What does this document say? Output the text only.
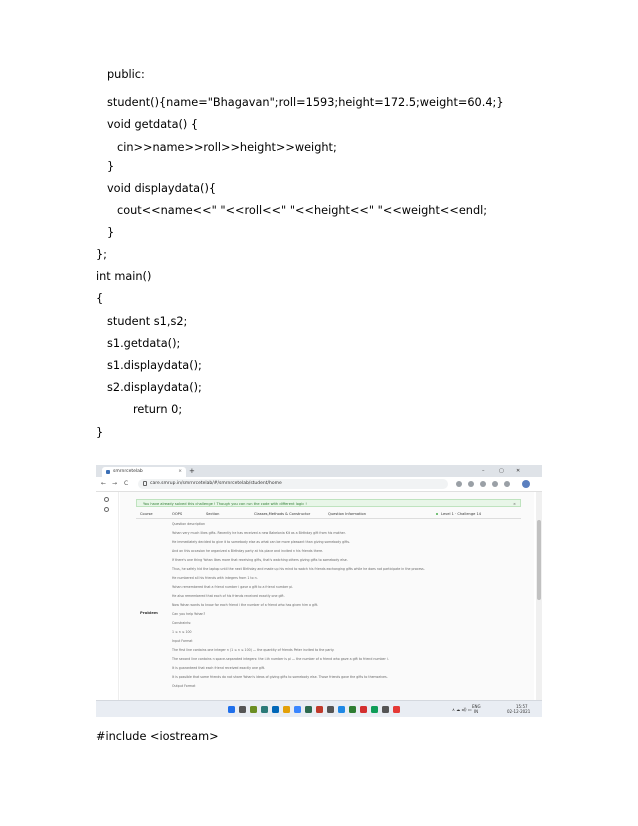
public:
student(){name="Bhagavan";roll=1593;height=172.5;weight=60.4;}
void getdata() {
cin>>name>>roll>>height>>weight;
}
void displaydata(){
cout<<name<<" "<<roll<<" "<<height<<" "<<weight<<endl;
}
};
int main()
{
student s1,s2;
s1.getdata();
s1.displaydata();
s2.displaydata();
return 0;
}
smrnrcetelab	× +	–	▢ ✕
← → C	care.smrup.in/smrnrcetelab/#/smrnrcetelab/student/home
You have already solved this challenge ! Though you can run the code with different logic !	×
Course	OOPS	Section	Classes,Methods & Constructor	Question Information	Level 1 · Challenge 14
Problem
Question description
Yohan very much likes gifts. Recently he has received a new Bakelonia Kit as a Birthday gift from his mother.
He immediately decided to give it to somebody else as what can be more pleasant than giving somebody gifts.
And on this occasion he organized a Birthday party at his place and invited n his friends there.
If there's one thing Yohan likes more that receiving gifts, that's watching others giving gifts to somebody else.
Thus, he safely hid the laptop until the next Birthday and made up his mind to watch his friends exchanging gifts while he does not participate in the process.
He numbered all his friends with integers from 1 to n.
Yohan remembered that a friend number i gave a gift to a friend number pi.
He also remembered that each of his friends received exactly one gift.
Now Yohan wants to know for each friend i the number of a friend who has given him a gift.
Can you help Yohan?
Constraints:
1 ≤ n ≤ 100
Input Format
The first line contains one integer n (1 ≤ n ≤ 100) — the quantity of friends Peter invited to the party.
The second line contains n space-separated integers: the i-th number is pi — the number of a friend who gave a gift to friend number i.
It is guaranteed that each friend received exactly one gift.
It is possible that some friends do not share Yohan's ideas of giving gifts to somebody else. Those friends gave the gifts to themselves.
Output Format
∧ ☁ ◂)) ▭
ENG
IN
15:57
02-12-2021
#include <iostream>
